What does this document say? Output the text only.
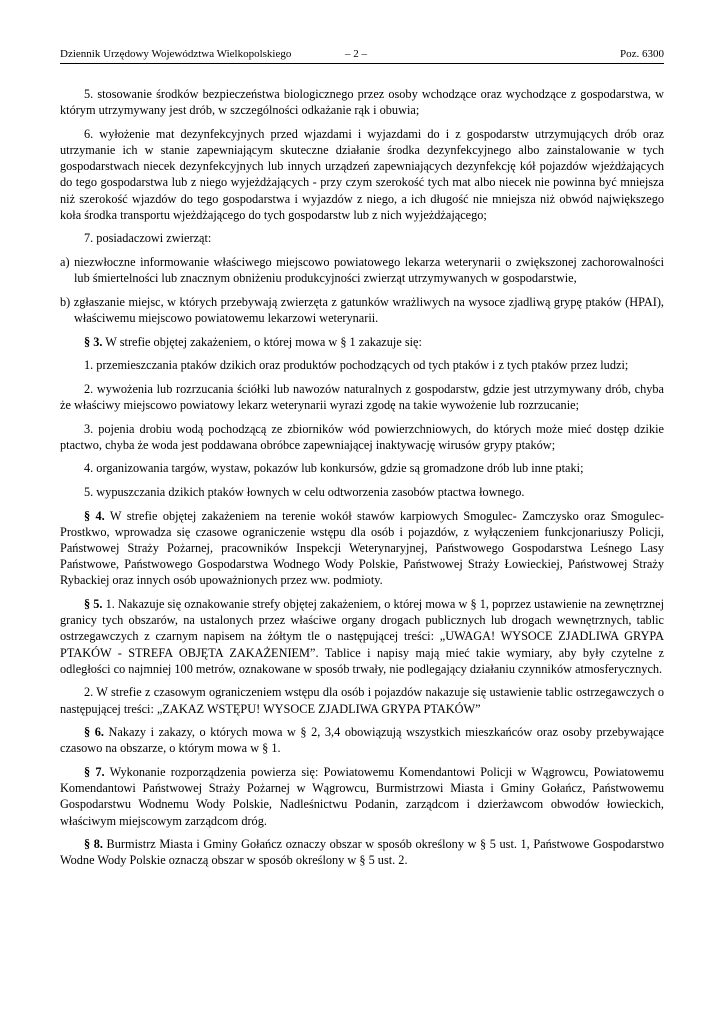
Dziennik Urzędowy Województwa Wielkopolskiego	– 2 –	Poz. 6300

5. stosowanie środków bezpieczeństwa biologicznego przez osoby wchodzące oraz wychodzące z gospodarstwa, w którym utrzymywany jest drób, w szczególności odkażanie rąk i obuwia;

6. wyłożenie mat dezynfekcyjnych przed wjazdami i wyjazdami do i z gospodarstw utrzymujących drób oraz utrzymanie ich w stanie zapewniającym skuteczne działanie środka dezynfekcyjnego albo zainstalowanie w tych gospodarstwach niecek dezynfekcyjnych lub innych urządzeń zapewniających dezynfekcję kół pojazdów wjeżdżających do tego gospodarstwa lub z niego wyjeżdżających - przy czym szerokość tych mat albo niecek nie powinna być mniejsza niż szerokość wjazdów do tego gospodarstwa i wyjazdów z niego, a ich długość nie mniejsza niż obwód największego koła środka transportu wjeżdżającego do tych gospodarstw lub z nich wyjeżdżającego;

7. posiadaczowi zwierząt:

a) niezwłoczne informowanie właściwego miejscowo powiatowego lekarza weterynarii o zwiększonej zachorowalności lub śmiertelności lub znacznym obniżeniu produkcyjności zwierząt utrzymywanych w gospodarstwie,

b) zgłaszanie miejsc, w których przebywają zwierzęta z gatunków wrażliwych na wysoce zjadliwą grypę ptaków (HPAI), właściwemu miejscowo powiatowemu lekarzowi weterynarii.

§ 3. W strefie objętej zakażeniem, o której mowa w § 1 zakazuje się:

1. przemieszczania ptaków dzikich oraz produktów pochodzących od tych ptaków i z tych ptaków przez ludzi;

2. wywożenia lub rozrzucania ściółki lub nawozów naturalnych z gospodarstw, gdzie jest utrzymywany drób, chyba że właściwy miejscowo powiatowy lekarz weterynarii wyrazi zgodę na takie wywożenie lub rozrzucanie;

3. pojenia drobiu wodą pochodzącą ze zbiorników wód powierzchniowych, do których może mieć dostęp dzikie ptactwo, chyba że woda jest poddawana obróbce zapewniającej inaktywację wirusów grypy ptaków;

4. organizowania targów, wystaw, pokazów lub konkursów, gdzie są gromadzone drób lub inne ptaki;

5. wypuszczania dzikich ptaków łownych w celu odtworzenia zasobów ptactwa łownego.

§ 4. W strefie objętej zakażeniem na terenie wokół stawów karpiowych Smogulec- Zamczysko oraz Smogulec- Prostkwo, wprowadza się czasowe ograniczenie wstępu dla osób i pojazdów, z wyłączeniem funkcjonariuszy Policji, Państwowej Straży Pożarnej, pracowników Inspekcji Weterynaryjnej, Państwowego Gospodarstwa Leśnego Lasy Państwowe, Państwowego Gospodarstwa Wodnego Wody Polskie, Państwowej Straży Łowieckiej, Państwowej Straży Rybackiej oraz innych osób upoważnionych przez ww. podmioty.

§ 5. 1. Nakazuje się oznakowanie strefy objętej zakażeniem, o której mowa w § 1, poprzez ustawienie na zewnętrznej granicy tych obszarów, na ustalonych przez właściwe organy drogach publicznych lub drogach wewnętrznych, tablic ostrzegawczych z czarnym napisem na żółtym tle o następującej treści: „UWAGA! WYSOCE ZJADLIWA GRYPA PTAKÓW - STREFA OBJĘTA ZAKAŻENIEM”. Tablice i napisy mają mieć takie wymiary, aby były czytelne z odległości co najmniej 100 metrów, oznakowane w sposób trwały, nie podlegający działaniu czynników atmosferycznych.

2. W strefie z czasowym ograniczeniem wstępu dla osób i pojazdów nakazuje się ustawienie tablic ostrzegawczych o następującej treści: „ZAKAZ WSTĘPU! WYSOCE ZJADLIWA GRYPA PTAKÓW”

§ 6. Nakazy i zakazy, o których mowa w § 2, 3,4 obowiązują wszystkich mieszkańców oraz osoby przebywające czasowo na obszarze, o którym mowa w § 1.

§ 7. Wykonanie rozporządzenia powierza się: Powiatowemu Komendantowi Policji w Wągrowcu, Powiatowemu Komendantowi Państwowej Straży Pożarnej w Wągrowcu, Burmistrzowi Miasta i Gminy Gołańcz, Państwowemu Gospodarstwu Wodnemu Wody Polskie, Nadleśnictwu Podanin, zarządcom i dzierżawcom obwodów łowieckich, właściwym miejscowym zarządcom dróg.

§ 8. Burmistrz Miasta i Gminy Gołańcz oznaczy obszar w sposób określony w § 5 ust. 1, Państwowe Gospodarstwo Wodne Wody Polskie oznaczą obszar w sposób określony w § 5 ust. 2.
